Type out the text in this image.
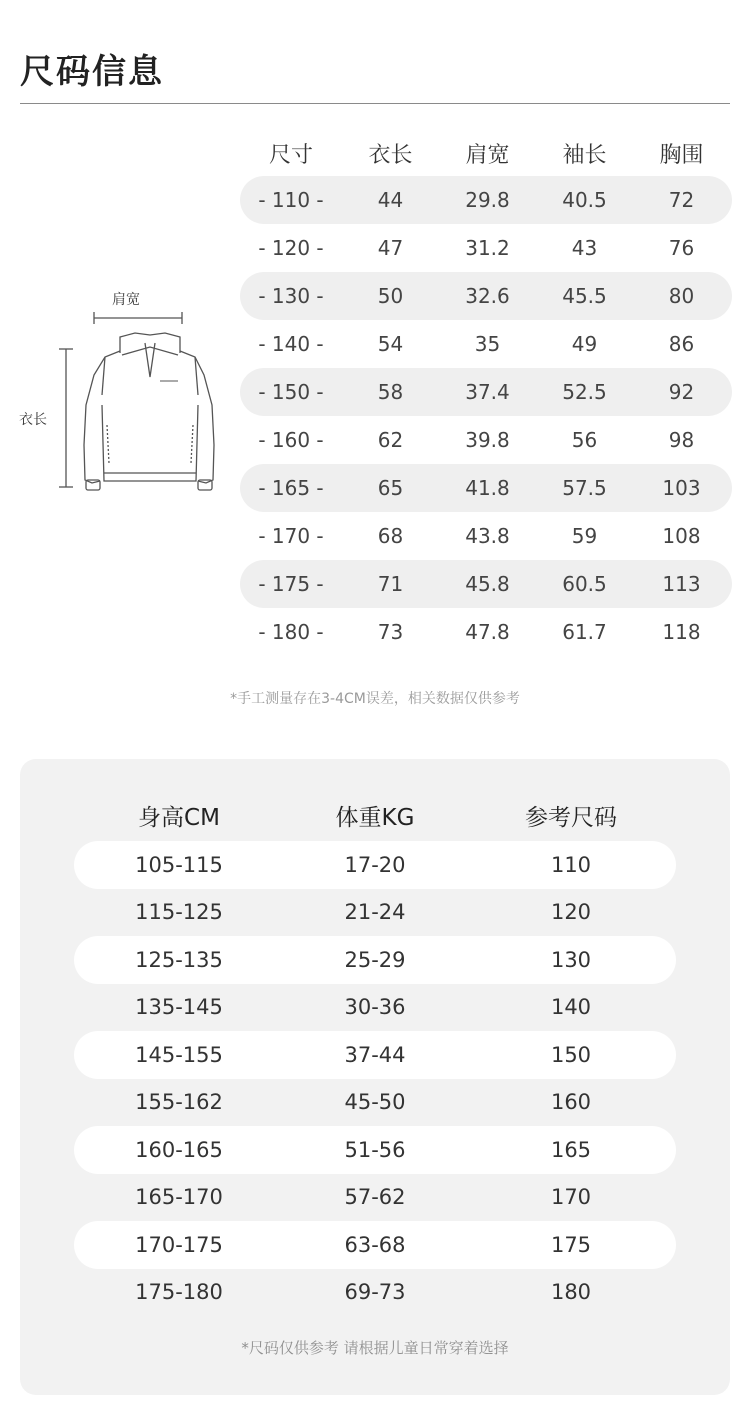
尺码信息
肩宽
衣长
尺寸	衣长	肩宽	袖长	胸围
- 110 -	44	29.8	40.5	72
- 120 -	47	31.2	43	76
- 130 -	50	32.6	45.5	80
- 140 -	54	35	49	86
- 150 -	58	37.4	52.5	92
- 160 -	62	39.8	56	98
- 165 -	65	41.8	57.5	103
- 170 -	68	43.8	59	108
- 175 -	71	45.8	60.5	113
- 180 -	73	47.8	61.7	118
*手工测量存在3-4CM误差，相关数据仅供参考
身高CM	体重KG	参考尺码
105-115	17-20	110
115-125	21-24	120
125-135	25-29	130
135-145	30-36	140
145-155	37-44	150
155-162	45-50	160
160-165	51-56	165
165-170	57-62	170
170-175	63-68	175
175-180	69-73	180
*尺码仅供参考 请根据儿童日常穿着选择
